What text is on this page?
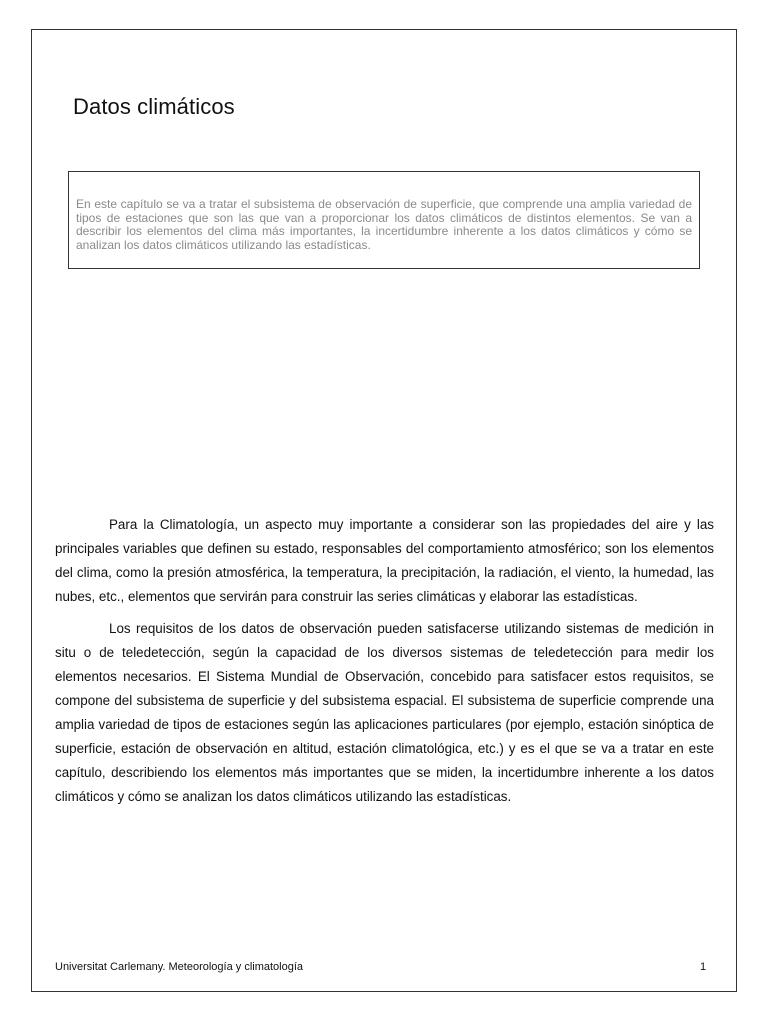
Datos climáticos

En este capítulo se va a tratar el subsistema de observación de superficie, que comprende una amplia variedad de tipos de estaciones que son las que van a proporcionar los datos climáticos de distintos elementos. Se van a describir los elementos del clima más importantes, la incertidumbre inherente a los datos climáticos y cómo se analizan los datos climáticos utilizando las estadísticas.

Para la Climatología, un aspecto muy importante a considerar son las propiedades del aire y las principales variables que definen su estado, responsables del comportamiento atmosférico; son los elementos del clima, como la presión atmosférica, la temperatura, la precipitación, la radiación, el viento, la humedad, las nubes, etc., elementos que servirán para construir las series climáticas y elaborar las estadísticas.

Los requisitos de los datos de observación pueden satisfacerse utilizando sistemas de medición in situ o de teledetección, según la capacidad de los diversos sistemas de teledetección para medir los elementos necesarios. El Sistema Mundial de Observación, concebido para satisfacer estos requisitos, se compone del subsistema de superficie y del subsistema espacial. El subsistema de superficie comprende una amplia variedad de tipos de estaciones según las aplicaciones particulares (por ejemplo, estación sinóptica de superficie, estación de observación en altitud, estación climatológica, etc.) y es el que se va a tratar en este capítulo, describiendo los elementos más importantes que se miden, la incertidumbre inherente a los datos climáticos y cómo se analizan los datos climáticos utilizando las estadísticas.

Universitat Carlemany. Meteorología y climatología	1
